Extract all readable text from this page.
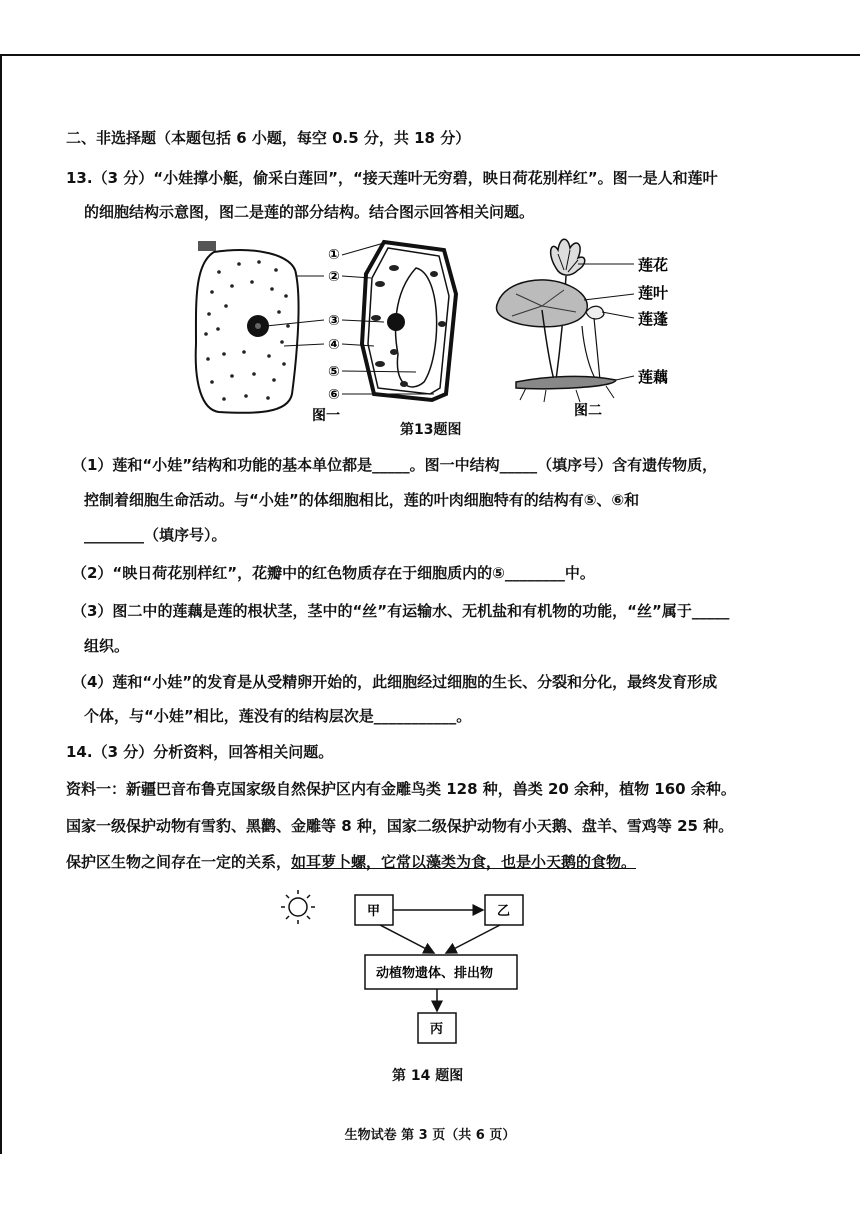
二、非选择题（本题包括 6 小题，每空 0.5 分，共 18 分）
13.（3 分）“小娃撑小艇，偷采白莲回”，“接天莲叶无穷碧，映日荷花别样红”。图一是人和莲叶
的细胞结构示意图，图二是莲的部分结构。结合图示回答相关问题。
①
②
③
④
⑤
⑥
图一
莲花
莲叶
莲蓬
莲藕
图二
第13题图
（1）莲和“小娃”结构和功能的基本单位都是_____。图一中结构_____（填序号）含有遗传物质，
控制着细胞生命活动。与“小娃”的体细胞相比，莲的叶肉细胞特有的结构有⑤、⑥和
________（填序号）。
（2）“映日荷花别样红”，花瓣中的红色物质存在于细胞质内的⑤________中。
（3）图二中的莲藕是莲的根状茎，茎中的“丝”有运输水、无机盐和有机物的功能，“丝”属于_____
组织。
（4）莲和“小娃”的发育是从受精卵开始的，此细胞经过细胞的生长、分裂和分化，最终发育形成
个体，与“小娃”相比，莲没有的结构层次是___________。
14.（3 分）分析资料，回答相关问题。
资料一：新疆巴音布鲁克国家级自然保护区内有金雕鸟类 128 种，兽类 20 余种，植物 160 余种。
国家一级保护动物有雪豹、黑鹳、金雕等 8 种，国家二级保护动物有小天鹅、盘羊、雪鸡等 25 种。
保护区生物之间存在一定的关系，如耳萝卜螺，它常以藻类为食，也是小天鹅的食物。
甲	乙
动植物遗体、排出物
丙
第 14 题图
生物试卷 第 3 页（共 6 页）
